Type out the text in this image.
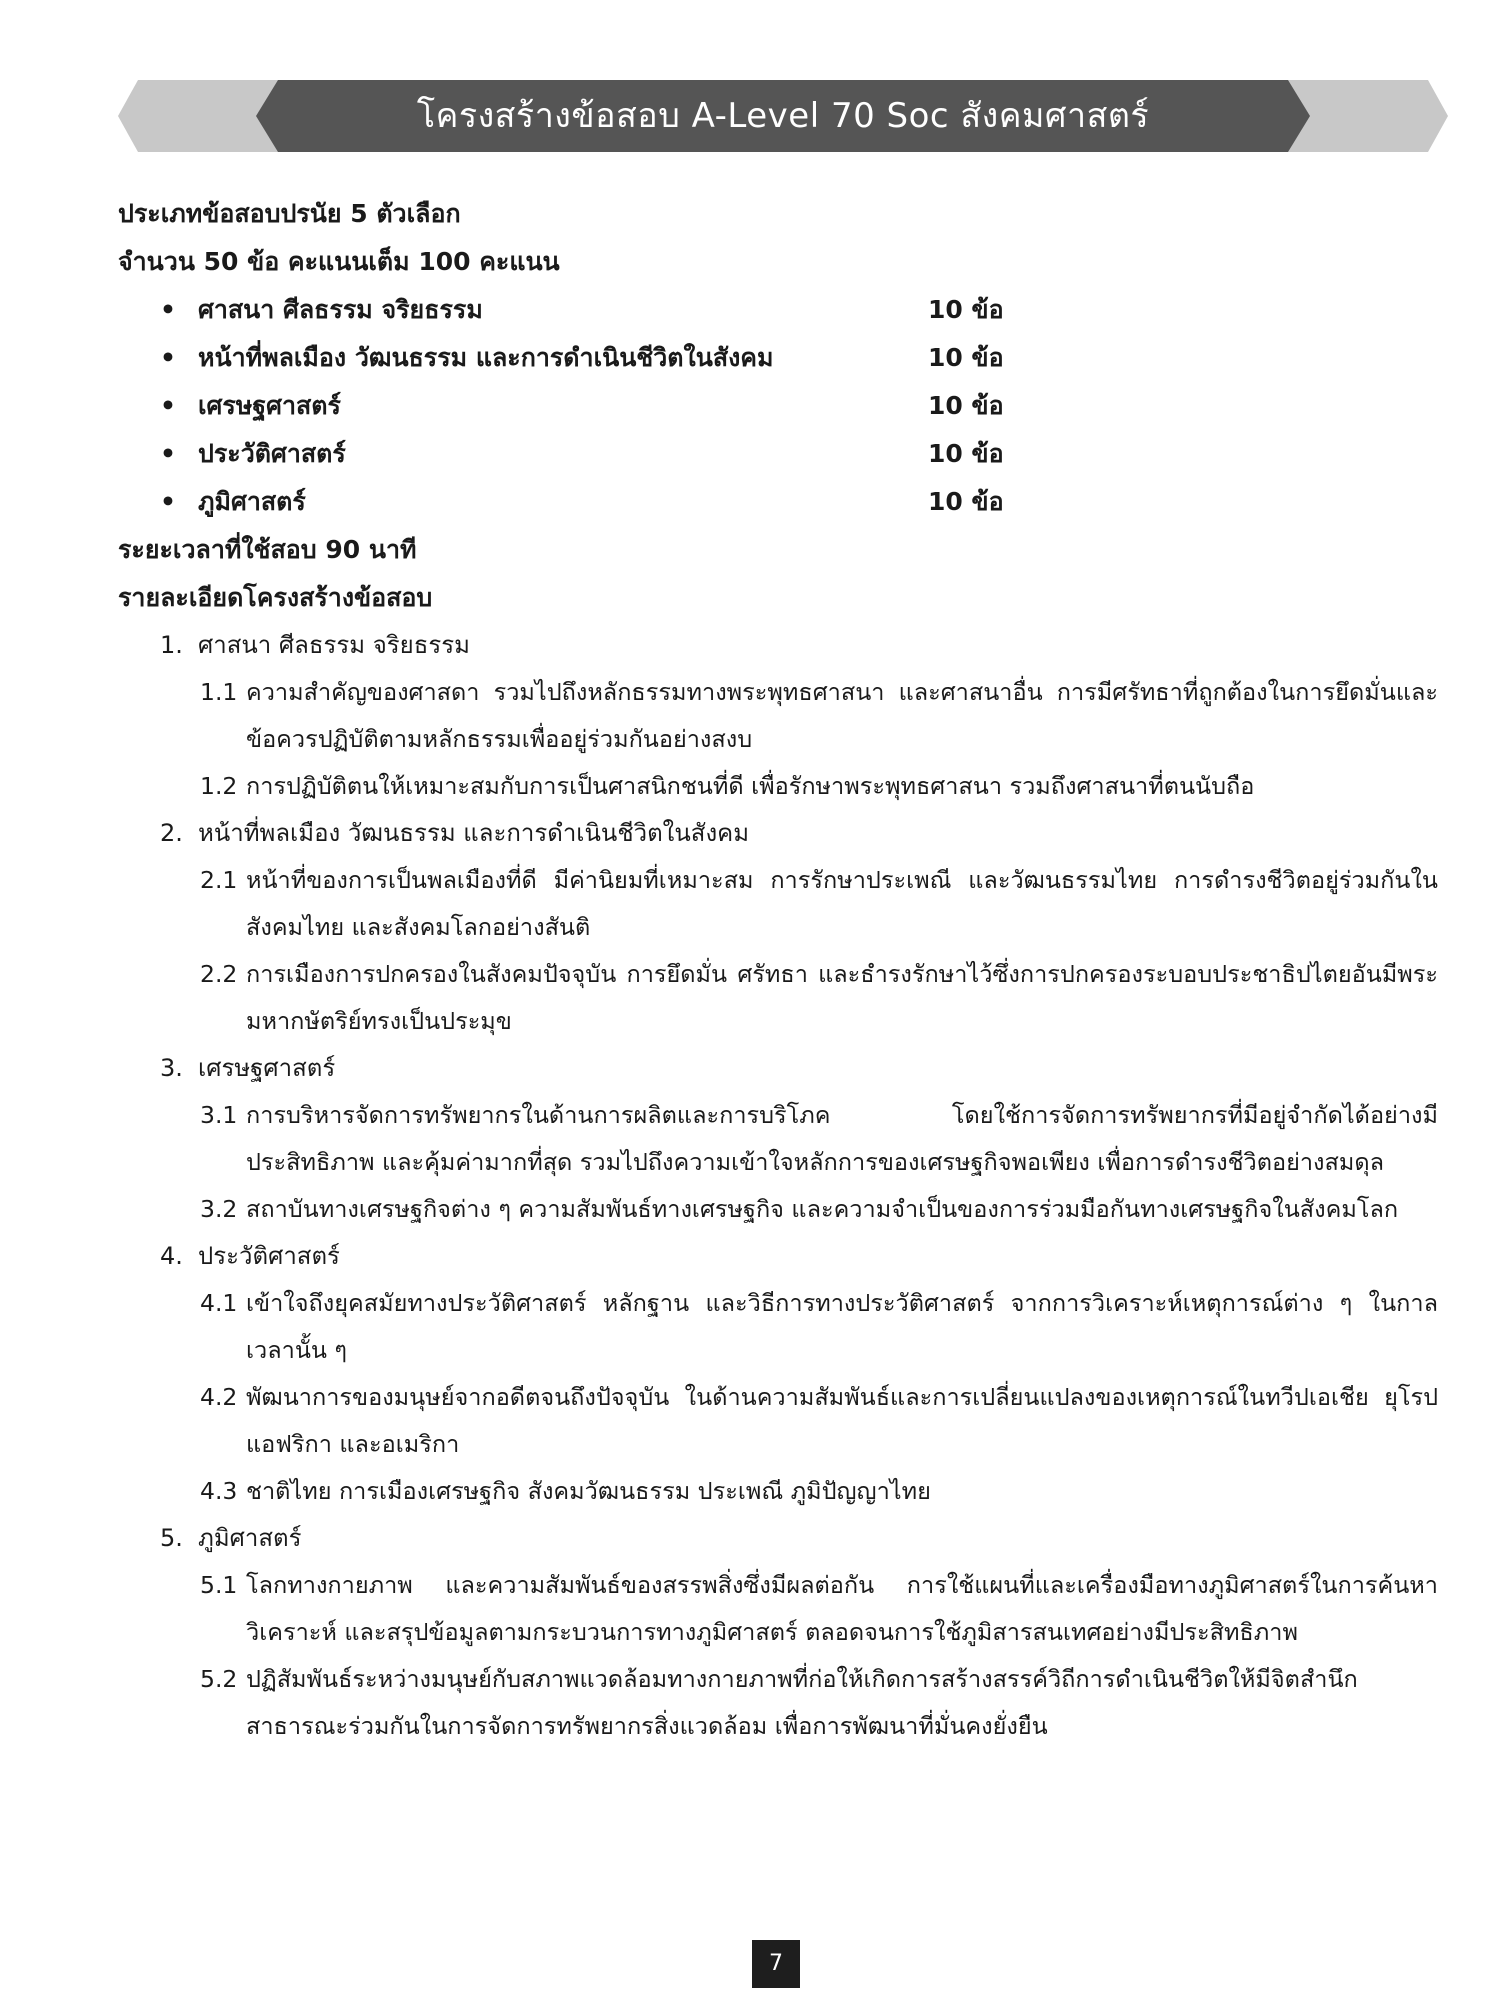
โครงสร้างข้อสอบ A-Level 70 Soc สังคมศาสตร์
ประเภทข้อสอบปรนัย 5 ตัวเลือก
จำนวน 50 ข้อ คะแนนเต็ม 100 คะแนน
• ศาสนา ศีลธรรม จริยธรรม	10 ข้อ
• หน้าที่พลเมือง วัฒนธรรม และการดำเนินชีวิตในสังคม	10 ข้อ
• เศรษฐศาสตร์	10 ข้อ
• ประวัติศาสตร์	10 ข้อ
• ภูมิศาสตร์	10 ข้อ
ระยะเวลาที่ใช้สอบ 90 นาที
รายละเอียดโครงสร้างข้อสอบ
1. ศาสนา ศีลธรรม จริยธรรม
1.1 ความสำคัญของศาสดา รวมไปถึงหลักธรรมทางพระพุทธศาสนา และศาสนาอื่น การมีศรัทธาที่ถูกต้องในการยึดมั่นและข้อควรปฏิบัติตามหลักธรรมเพื่ออยู่ร่วมกันอย่างสงบ
1.2 การปฏิบัติตนให้เหมาะสมกับการเป็นศาสนิกชนที่ดี เพื่อรักษาพระพุทธศาสนา รวมถึงศาสนาที่ตนนับถือ
2. หน้าที่พลเมือง วัฒนธรรม และการดำเนินชีวิตในสังคม
2.1 หน้าที่ของการเป็นพลเมืองที่ดี มีค่านิยมที่เหมาะสม การรักษาประเพณี และวัฒนธรรมไทย การดำรงชีวิตอยู่ร่วมกันในสังคมไทย และสังคมโลกอย่างสันติ
2.2 การเมืองการปกครองในสังคมปัจจุบัน การยึดมั่น ศรัทธา และธำรงรักษาไว้ซึ่งการปกครองระบอบประชาธิปไตยอันมีพระมหากษัตริย์ทรงเป็นประมุข
3. เศรษฐศาสตร์
3.1 การบริหารจัดการทรัพยากรในด้านการผลิตและการบริโภค โดยใช้การจัดการทรัพยากรที่มีอยู่จำกัดได้อย่างมีประสิทธิภาพ และคุ้มค่ามากที่สุด รวมไปถึงความเข้าใจหลักการของเศรษฐกิจพอเพียง เพื่อการดำรงชีวิตอย่างสมดุล
3.2 สถาบันทางเศรษฐกิจต่าง ๆ ความสัมพันธ์ทางเศรษฐกิจ และความจำเป็นของการร่วมมือกันทางเศรษฐกิจในสังคมโลก
4. ประวัติศาสตร์
4.1 เข้าใจถึงยุคสมัยทางประวัติศาสตร์ หลักฐาน และวิธีการทางประวัติศาสตร์ จากการวิเคราะห์เหตุการณ์ต่าง ๆ ในกาลเวลานั้น ๆ
4.2 พัฒนาการของมนุษย์จากอดีตจนถึงปัจจุบัน ในด้านความสัมพันธ์และการเปลี่ยนแปลงของเหตุการณ์ในทวีปเอเชีย ยุโรป แอฟริกา และอเมริกา
4.3 ชาติไทย การเมืองเศรษฐกิจ สังคมวัฒนธรรม ประเพณี ภูมิปัญญาไทย
5. ภูมิศาสตร์
5.1 โลกทางกายภาพ และความสัมพันธ์ของสรรพสิ่งซึ่งมีผลต่อกัน การใช้แผนที่และเครื่องมือทางภูมิศาสตร์ในการค้นหา วิเคราะห์ และสรุปข้อมูลตามกระบวนการทางภูมิศาสตร์ ตลอดจนการใช้ภูมิสารสนเทศอย่างมีประสิทธิภาพ
5.2 ปฏิสัมพันธ์ระหว่างมนุษย์กับสภาพแวดล้อมทางกายภาพที่ก่อให้เกิดการสร้างสรรค์วิถีการดำเนินชีวิตให้มีจิตสำนึกสาธารณะร่วมกันในการจัดการทรัพยากรสิ่งแวดล้อม เพื่อการพัฒนาที่มั่นคงยั่งยืน
7
